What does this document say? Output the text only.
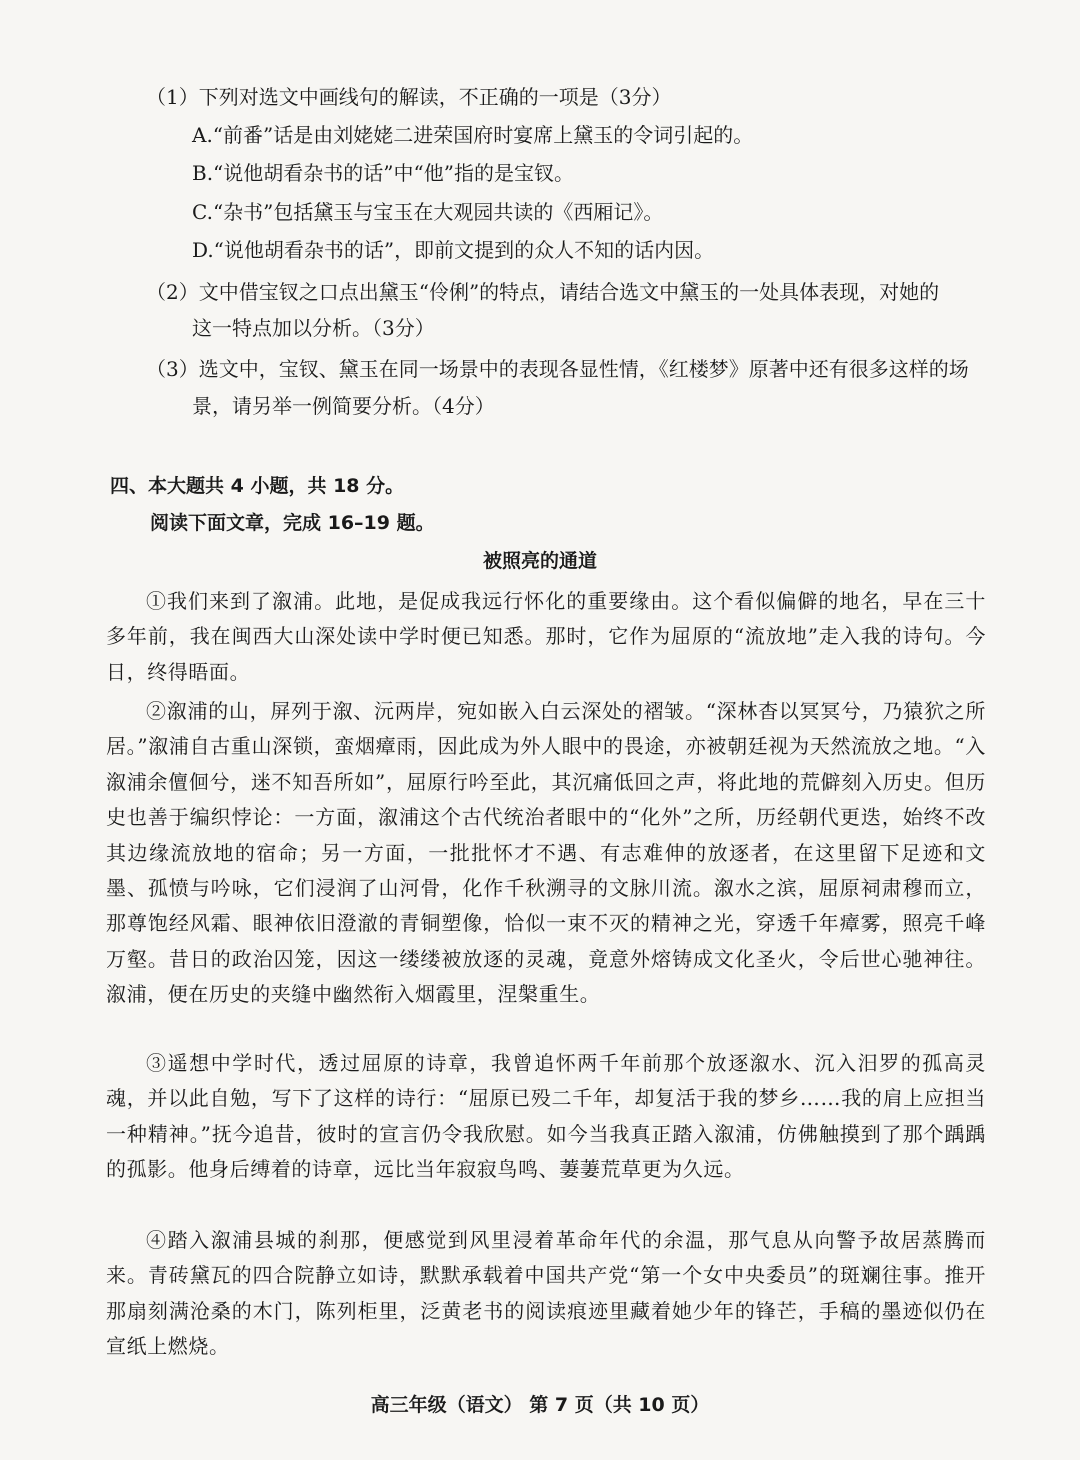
（1）下列对选文中画线句的解读，不正确的一项是（3分）
A.“前番”话是由刘姥姥二进荣国府时宴席上黛玉的令词引起的。
B.“说他胡看杂书的话”中“他”指的是宝钗。
C.“杂书”包括黛玉与宝玉在大观园共读的《西厢记》。
D.“说他胡看杂书的话”，即前文提到的众人不知的话内因。
（2）文中借宝钗之口点出黛玉“伶俐”的特点，请结合选文中黛玉的一处具体表现，对她的
这一特点加以分析。（3分）
（3）选文中，宝钗、黛玉在同一场景中的表现各显性情，《红楼梦》原著中还有很多这样的场
景，请另举一例简要分析。（4分）
四、本大题共 4 小题，共 18 分。
阅读下面文章，完成 16–19 题。
被照亮的通道
①我们来到了溆浦。此地，是促成我远行怀化的重要缘由。这个看似偏僻的地名，早在三十多年前，我在闽西大山深处读中学时便已知悉。那时，它作为屈原的“流放地”走入我的诗句。今日，终得晤面。
②溆浦的山，屏列于溆、沅两岸，宛如嵌入白云深处的褶皱。“深林杳以冥冥兮，乃猿狖之所居。”溆浦自古重山深锁，蛮烟瘴雨，因此成为外人眼中的畏途，亦被朝廷视为天然流放之地。“入溆浦余儃佪兮，迷不知吾所如”，屈原行吟至此，其沉痛低回之声，将此地的荒僻刻入历史。但历史也善于编织悖论：一方面，溆浦这个古代统治者眼中的“化外”之所，历经朝代更迭，始终不改其边缘流放地的宿命；另一方面，一批批怀才不遇、有志难伸的放逐者，在这里留下足迹和文墨、孤愤与吟咏，它们浸润了山河骨，化作千秋溯寻的文脉川流。溆水之滨，屈原祠肃穆而立，那尊饱经风霜、眼神依旧澄澈的青铜塑像，恰似一束不灭的精神之光，穿透千年瘴雾，照亮千峰万壑。昔日的政治囚笼，因这一缕缕被放逐的灵魂，竟意外熔铸成文化圣火，令后世心驰神往。溆浦，便在历史的夹缝中幽然衔入烟霞里，涅槃重生。
③遥想中学时代，透过屈原的诗章，我曾追怀两千年前那个放逐溆水、沉入汨罗的孤高灵魂，并以此自勉，写下了这样的诗行：“屈原已殁二千年，却复活于我的梦乡……我的肩上应担当一种精神。”抚今追昔，彼时的宣言仍令我欣慰。如今当我真正踏入溆浦，仿佛触摸到了那个踽踽的孤影。他身后缚着的诗章，远比当年寂寂鸟鸣、萋萋荒草更为久远。
④踏入溆浦县城的刹那，便感觉到风里浸着革命年代的余温，那气息从向警予故居蒸腾而来。青砖黛瓦的四合院静立如诗，默默承载着中国共产党“第一个女中央委员”的斑斓往事。推开那扇刻满沧桑的木门，陈列柜里，泛黄老书的阅读痕迹里藏着她少年的锋芒，手稿的墨迹似仍在宣纸上燃烧。
高三年级（语文） 第 7 页（共 10 页）
